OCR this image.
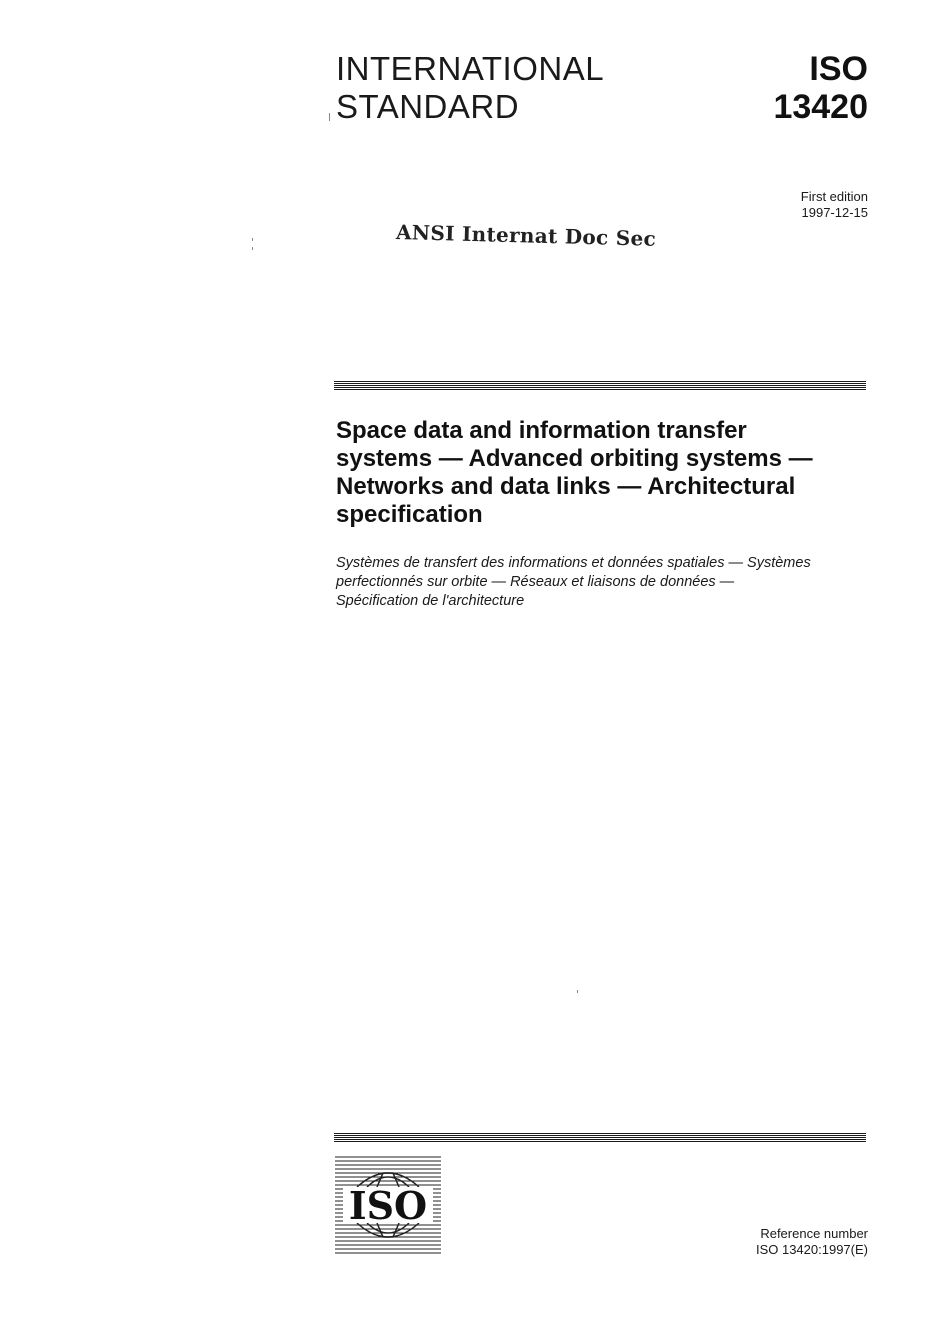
INTERNATIONAL
STANDARD
ISO
13420
First edition
1997-12-15
ANSI Internat Doc Sec
Space data and information transfer
systems — Advanced orbiting systems —
Networks and data links — Architectural
specification
Systèmes de transfert des informations et données spatiales — Systèmes
perfectionnés sur orbite — Réseaux et liaisons de données —
Spécification de l'architecture
ISO
Reference number
ISO 13420:1997(E)
